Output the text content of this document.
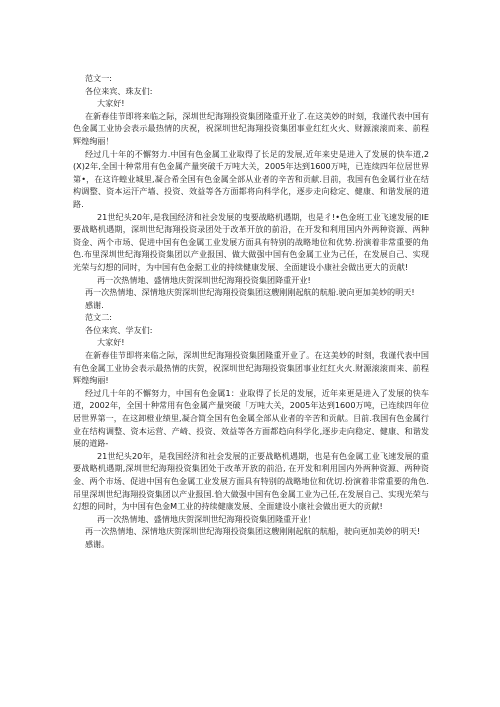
范文一:

各位来宾、珠友们:

大家好!

在新春佳节即将来临之际，深圳世纪海翔投资集团隆重开业了.在这美妙的时刻，我谨代表中国有色金属工业协会表示最热情的庆祝，祝深圳世纪海翔投资集团事业红红火火、财源滚滚而来、前程辉煌绚丽！

经过几十年的不懈努力.中国有色金属工业取得了长足的发展,近年来史是进入了发展的快车道,2(X)2年,全国十种常用有色金属产量突破千万吨大关，2005年达到1600万吨，已连续四年位居世界第•，在这许蝗业城里,凝合希全国有色金属全部从业者的辛苦和贡献.目前，我国有色金属行业在结构调整、资本运汗产墙、投资、效益等各方面都将向科学化，逐步走向稔定、健康、和谐发展的道路.

21世纪头20年,是我国经济和社会发展的曳要战略机遇期，也是彳!•色金班工业飞速发展的IE要战略机遇期，深圳世纪海翔投资录团处于改革开放的前沿，在开发和利用国内外两种资源、两种资金、两个市场、促进中国有色金属工业发展方面具有特别的战略地位和优势.扮演着非常重要的角色.布里深圳世纪海翔投资集团以产业报国、做大做强中国有色金属工业为己任，在发展自己、实现光荣与幻想的同时，为中国有色金据工业的持续健康发展、全面建设小康社会做出更大的贡献!

再一次热情地、盛情地庆贺深圳世纪海翔投资集团降重开业!

再一次热情地、深情地庆贺深圳世纪海翔投资集团这艘刚刚起航的航船.驶向更加美妙的明天!

感谢.

范文二:

各位来宾、学友们:

大家好!

在新春佳节即将来临之际，深圳世纪海翔投资集团隆重开业了。在这美妙的时刻，我谨代表中国有色金属工业协会表示最热情的庆贺，祝深圳世纪海翔投资集团事业红红火火.财源滚滚而来、前程辉煌绚丽!

经过几十年的不懈努力，中国有色金属1：业取得了长足的发展，近年来更是进入了发展的快车道，2002年，全国十种常用有色金属产量突破「万吨大关，2005年达到1600万吨，已连续四年位居世界第一，在这卸橙业绩里,凝合简全国有色金属全部从业者的辛苦和贡献。目前.我国有色金属行业在结构调整、资本运营、产崎、投资、效益等各方面都趋向科学化,逐步走向稳定、健康、和谐发展的道路-

21世纪头20年，是我国经济和社会发展的正要战略机遇期，也是有色金属工业飞速发展的重要战略机遇期,深圳世纪海翔投资集团处于改革开放的前沿, 在开发和利用国内外两种资源、两种资金、两个市场、促进中国有色金属工业发展方面具有特别的战略地位和优切.扮演着非常重要的角色.吊里深圳世纪海翔投资集团以产业报国.恰大做强中国有色金属工业为己任,在发展自己、实现光荣与幻想的同时，为中国有色金M工业的持续健康发展、全面建设小康社会做出更大的贡献!

再一次热情地、盛情地庆贺深圳世纪海翔投资集团隆重开业！

再一次热情地、深情地庆贺深圳世纪海翔投资集团这艘刚刚起航的航船，驶向更加美妙的明天!

感谢。
